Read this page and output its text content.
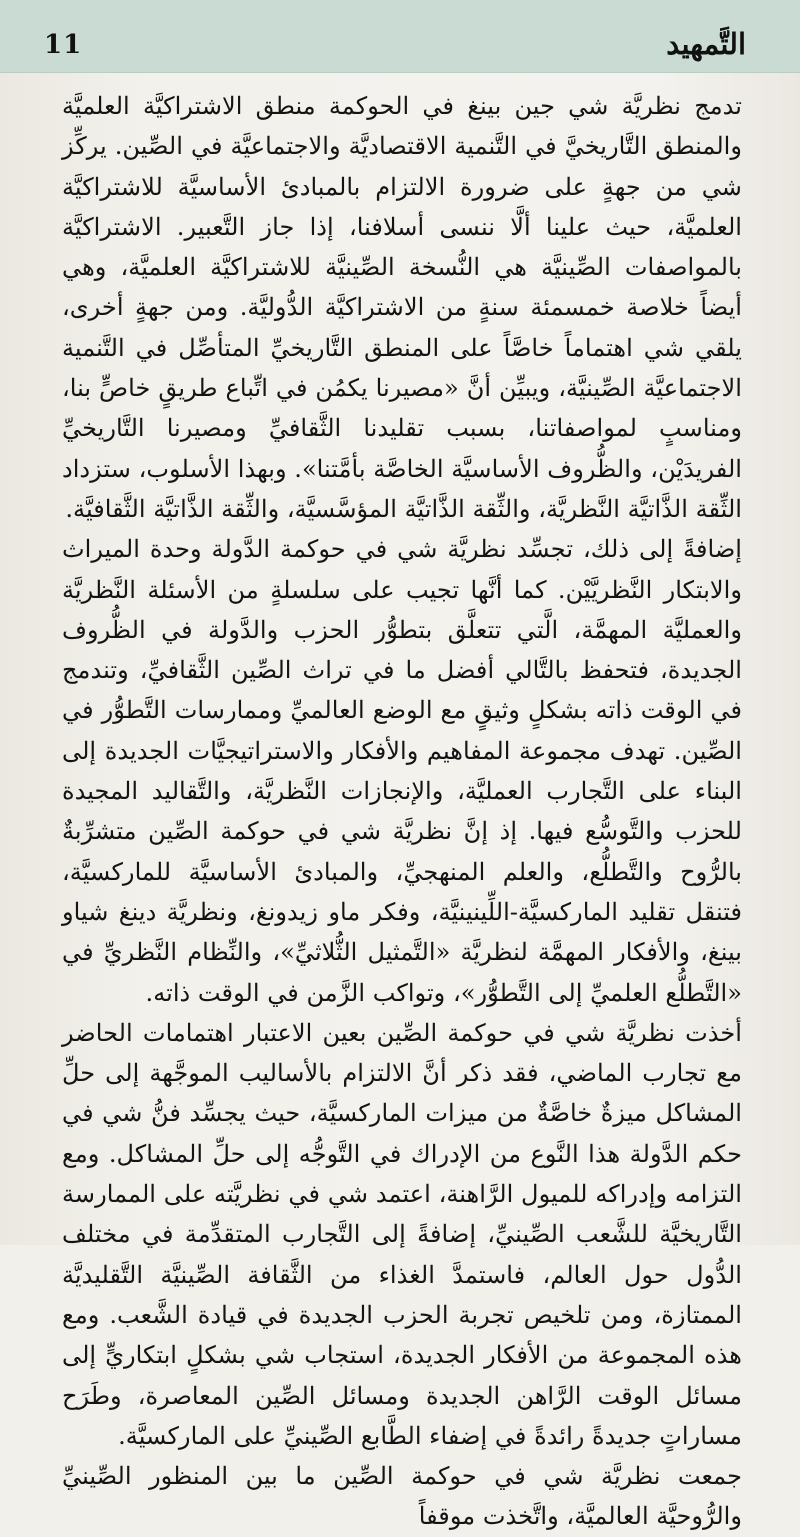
11	التَّمهيد

تدمج نظريَّة شي جين بينغ في الحوكمة منطق الاشتراكيَّة العلميَّة والمنطق التَّاريخيَّ في التَّنمية الاقتصاديَّة والاجتماعيَّة في الصِّين. يركِّز شي من جهةٍ على ضرورة الالتزام بالمبادئ الأساسيَّة للاشتراكيَّة العلميَّة، حيث علينا ألَّا ننسى أسلافنا، إذا جاز التَّعبير. الاشتراكيَّة بالمواصفات الصِّينيَّة هي النُّسخة الصِّينيَّة للاشتراكيَّة العلميَّة، وهي أيضاً خلاصة خمسمئة سنةٍ من الاشتراكيَّة الدُّوليَّة. ومن جهةٍ أخرى، يلقي شي اهتماماً خاصَّاً على المنطق التَّاريخيِّ المتأصِّل في التَّنمية الاجتماعيَّة الصِّينيَّة، ويبيِّن أنَّ «مصيرنا يكمُن في اتِّباع طريقٍ خاصٍّ بنا، ومناسبٍ لمواصفاتنا، بسبب تقليدنا الثَّقافيِّ ومصيرنا التَّاريخيِّ الفريدَيْن، والظُّروف الأساسيَّة الخاصَّة بأمَّتنا». وبهذا الأسلوب، ستزداد الثِّقة الذَّاتيَّة النَّظريَّة، والثِّقة الذَّاتيَّة المؤسَّسيَّة، والثِّقة الذَّاتيَّة الثَّقافيَّة.

إضافةً إلى ذلك، تجسِّد نظريَّة شي في حوكمة الدَّولة وحدة الميراث والابتكار النَّظريَّيْن. كما أنَّها تجيب على سلسلةٍ من الأسئلة النَّظريَّة والعمليَّة المهمَّة، الَّتي تتعلَّق بتطوُّر الحزب والدَّولة في الظُّروف الجديدة، فتحفظ بالتَّالي أفضل ما في تراث الصِّين الثَّقافيِّ، وتندمج في الوقت ذاته بشكلٍ وثيقٍ مع الوضع العالميِّ وممارسات التَّطوُّر في الصِّين. تهدف مجموعة المفاهيم والأفكار والاستراتيجيَّات الجديدة إلى البناء على التَّجارب العمليَّة، والإنجازات النَّظريَّة، والتَّقاليد المجيدة للحزب والتَّوسُّع فيها. إذ إنَّ نظريَّة شي في حوكمة الصِّين متشرِّبةٌ بالرُّوح والتَّطلُّع، والعلم المنهجيِّ، والمبادئ الأساسيَّة للماركسيَّة، فتنقل تقليد الماركسيَّة-اللِّينينيَّة، وفكر ماو زيدونغ، ونظريَّة دينغ شياو بينغ، والأفكار المهمَّة لنظريَّة «التَّمثيل الثُّلاثيِّ»، والنِّظام النَّظريِّ في «التَّطلُّع العلميِّ إلى التَّطوُّر»، وتواكب الزَّمن في الوقت ذاته.

أخذت نظريَّة شي في حوكمة الصِّين بعين الاعتبار اهتمامات الحاضر مع تجارب الماضي، فقد ذكر أنَّ الالتزام بالأساليب الموجَّهة إلى حلِّ المشاكل ميزةٌ خاصَّةٌ من ميزات الماركسيَّة، حيث يجسِّد فنُّ شي في حكم الدَّولة هذا النَّوع من الإدراك في التَّوجُّه إلى حلِّ المشاكل. ومع التزامه وإدراكه للميول الرَّاهنة، اعتمد شي في نظريَّته على الممارسة التَّاريخيَّة للشَّعب الصِّينيِّ، إضافةً إلى التَّجارب المتقدِّمة في مختلف الدُّول حول العالم، فاستمدَّ الغذاء من الثَّقافة الصِّينيَّة التَّقليديَّة الممتازة، ومن تلخيص تجربة الحزب الجديدة في قيادة الشَّعب. ومع هذه المجموعة من الأفكار الجديدة، استجاب شي بشكلٍ ابتكاريٍّ إلى مسائل الوقت الرَّاهن الجديدة ومسائل الصِّين المعاصرة، وطَرَح مساراتٍ جديدةً رائدةً في إضفاء الطَّابع الصِّينيِّ على الماركسيَّة.

جمعت نظريَّة شي في حوكمة الصِّين ما بين المنظور الصِّينيِّ والرُّوحيَّة العالميَّة، واتَّخذت موقفاً
